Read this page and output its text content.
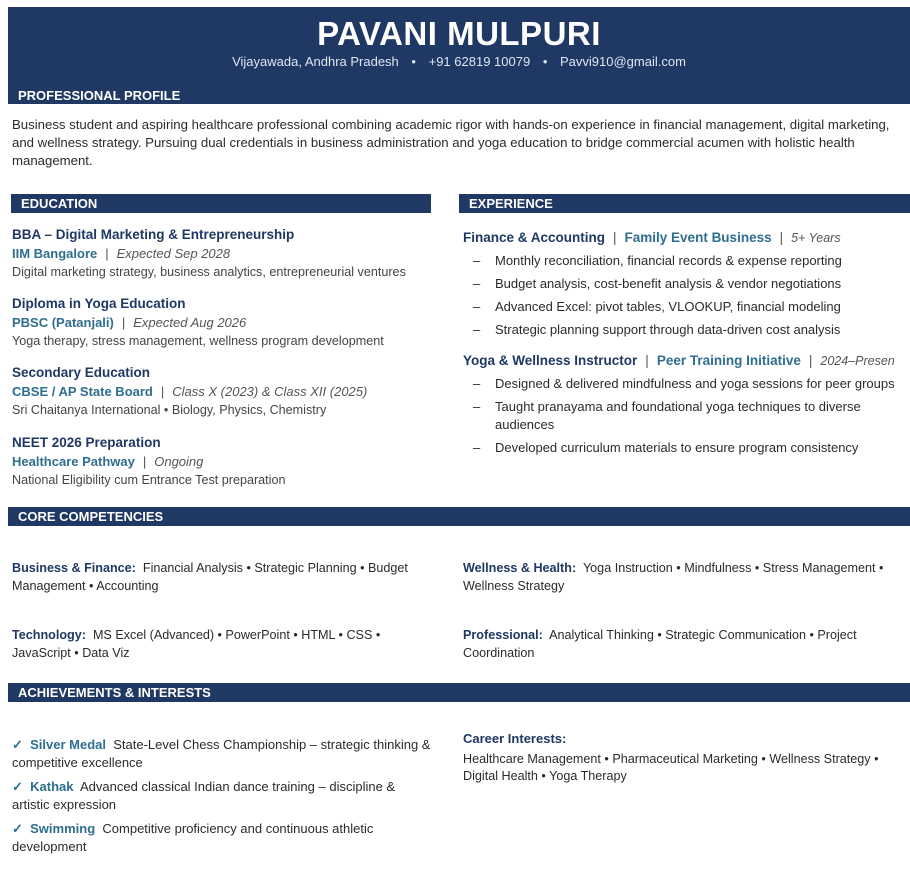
PAVANI MULPURI
Vijayawada, Andhra Pradesh • +91 62819 10079 • Pavvi910@gmail.com
PROFESSIONAL PROFILE
Business student and aspiring healthcare professional combining academic rigor with hands-on experience in financial management, digital marketing, and wellness strategy. Pursuing dual credentials in business administration and yoga education to bridge commercial acumen with holistic health management.
EDUCATION	EXPERIENCE
BBA – Digital Marketing & Entrepreneurship
IIM Bangalore | Expected Sep 2028
Digital marketing strategy, business analytics, entrepreneurial ventures
Diploma in Yoga Education
PBSC (Patanjali) | Expected Aug 2026
Yoga therapy, stress management, wellness program development
Secondary Education
CBSE / AP State Board | Class X (2023) & Class XII (2025)
Sri Chaitanya International • Biology, Physics, Chemistry
NEET 2026 Preparation
Healthcare Pathway | Ongoing
National Eligibility cum Entrance Test preparation
Finance & Accounting | Family Event Business | 5+ Years
– Monthly reconciliation, financial records & expense reporting
– Budget analysis, cost-benefit analysis & vendor negotiations
– Advanced Excel: pivot tables, VLOOKUP, financial modeling
– Strategic planning support through data-driven cost analysis
Yoga & Wellness Instructor | Peer Training Initiative | 2024–Presen
– Designed & delivered mindfulness and yoga sessions for peer groups
– Taught pranayama and foundational yoga techniques to diverse audiences
– Developed curriculum materials to ensure program consistency
CORE COMPETENCIES
Business & Finance: Financial Analysis • Strategic Planning • Budget Management • Accounting
Wellness & Health: Yoga Instruction • Mindfulness • Stress Management • Wellness Strategy
Technology: MS Excel (Advanced) • PowerPoint • HTML • CSS • JavaScript • Data Viz
Professional: Analytical Thinking • Strategic Communication • Project Coordination
ACHIEVEMENTS & INTERESTS
✓ Silver Medal State-Level Chess Championship – strategic thinking & competitive excellence
✓ Kathak Advanced classical Indian dance training – discipline & artistic expression
✓ Swimming Competitive proficiency and continuous athletic development
Career Interests:
Healthcare Management • Pharmaceutical Marketing • Wellness Strategy • Digital Health • Yoga Therapy
